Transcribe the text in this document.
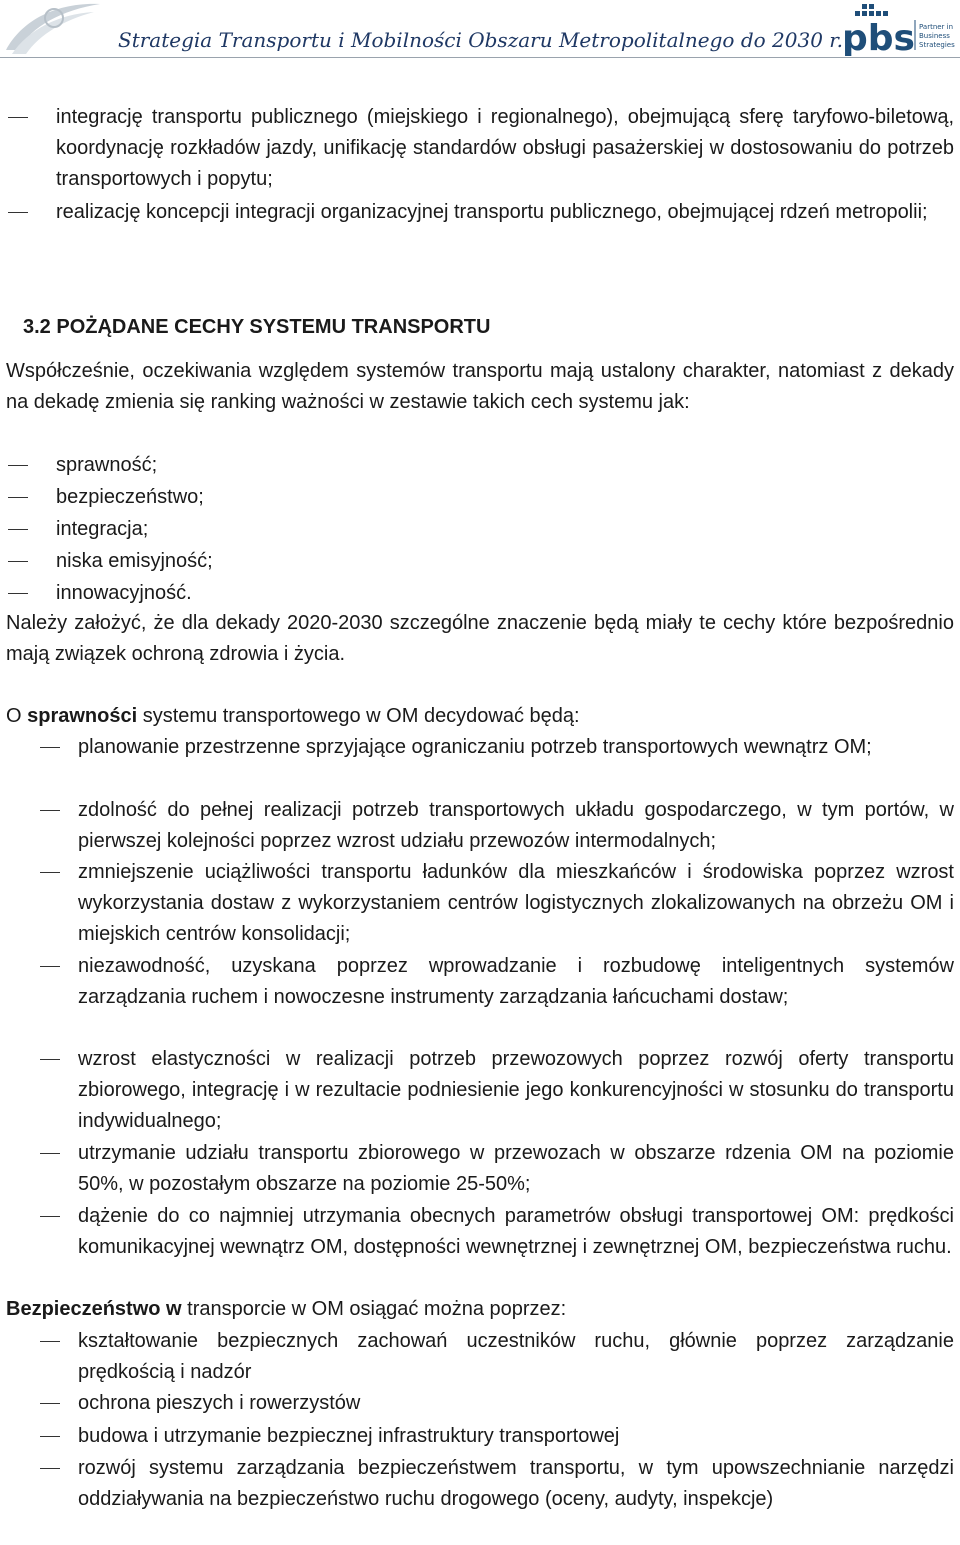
Strategia Transportu i Mobilności Obszaru Metropolitalnego do 2030 r. pbs Partner in
Business
Strategies
integrację transportu publicznego (miejskiego i regionalnego), obejmującą sferę taryfowo-biletową, koordynację rozkładów jazdy, unifikację standardów obsługi pasażerskiej w dostosowaniu do potrzeb transportowych i popytu;
realizację koncepcji integracji organizacyjnej transportu publicznego, obejmującej rdzeń metropolii;
3.2 POŻĄDANE CECHY SYSTEMU TRANSPORTU
Współcześnie, oczekiwania względem systemów transportu mają ustalony charakter, natomiast z dekady na dekadę zmienia się ranking ważności w zestawie takich cech systemu jak:
sprawność;
bezpieczeństwo;
integracja;
niska emisyjność;
innowacyjność.
Należy założyć, że dla dekady 2020-2030 szczególne znaczenie będą miały te cechy które bezpośrednio mają związek ochroną zdrowia i życia.
O sprawności systemu transportowego w OM decydować będą:
planowanie przestrzenne sprzyjające ograniczaniu potrzeb transportowych wewnątrz OM;
zdolność do pełnej realizacji potrzeb transportowych układu gospodarczego, w tym portów, w pierwszej kolejności poprzez wzrost udziału przewozów intermodalnych;
zmniejszenie uciążliwości transportu ładunków dla mieszkańców i środowiska poprzez wzrost wykorzystania dostaw z wykorzystaniem centrów logistycznych zlokalizowanych na obrzeżu OM i miejskich centrów konsolidacji;
niezawodność, uzyskana poprzez wprowadzanie i rozbudowę inteligentnych systemów zarządzania ruchem i nowoczesne instrumenty zarządzania łańcuchami dostaw;
wzrost elastyczności w realizacji potrzeb przewozowych poprzez rozwój oferty transportu zbiorowego, integrację i w rezultacie podniesienie jego konkurencyjności w stosunku do transportu indywidualnego;
utrzymanie udziału transportu zbiorowego w przewozach w obszarze rdzenia OM na poziomie 50%, w pozostałym obszarze na poziomie 25-50%;
dążenie do co najmniej utrzymania obecnych parametrów obsługi transportowej OM: prędkości komunikacyjnej wewnątrz OM, dostępności wewnętrznej i zewnętrznej OM, bezpieczeństwa ruchu.
Bezpieczeństwo w transporcie w OM osiągać można poprzez:
kształtowanie bezpiecznych zachowań uczestników ruchu, głównie poprzez zarządzanie prędkością i nadzór
ochrona pieszych i rowerzystów
budowa i utrzymanie bezpiecznej infrastruktury transportowej
rozwój systemu zarządzania bezpieczeństwem transportu, w tym upowszechnianie narzędzi oddziaływania na bezpieczeństwo ruchu drogowego (oceny, audyty, inspekcje)
